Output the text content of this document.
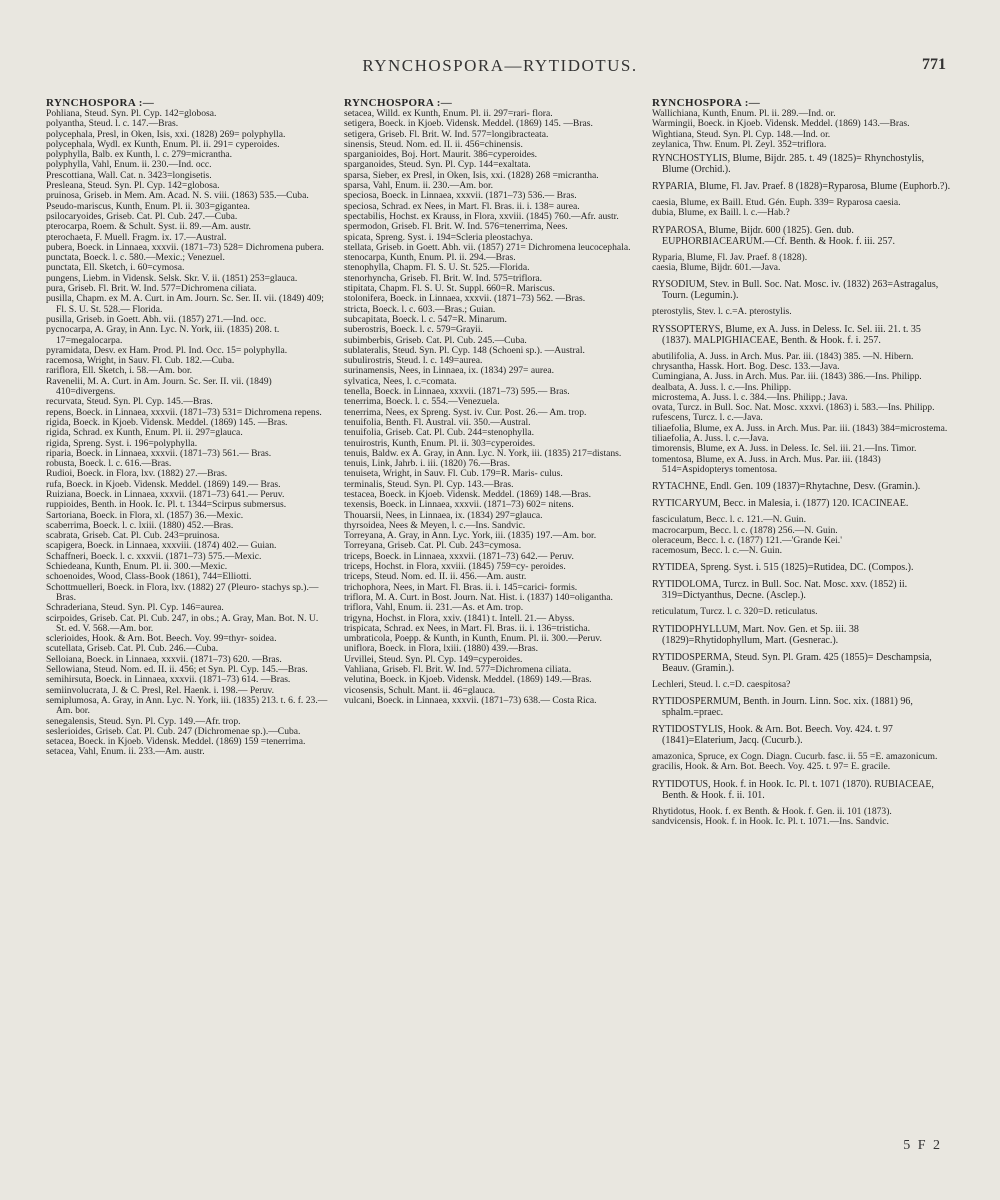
RYNCHOSPORA—RYTIDOTUS.	771

RYNCHOSPORA :—

Pohliana, Steud. Syn. Pl. Cyp. 142=globosa.

polyantha, Steud. l. c. 147.—Bras.

polycephala, Presl, in Oken, Isis, xxi. (1828) 269= polyphylla.

polycephala, Wydl. ex Kunth, Enum. Pl. ii. 291= cyperoides.

polyphylla, Balb. ex Kunth, l. c. 279=micrantha.

polyphylla, Vahl, Enum. ii. 230.—Ind. occ.

Prescottiana, Wall. Cat. n. 3423=longisetis.

Presleana, Steud. Syn. Pl. Cyp. 142=globosa.

pruinosa, Griseb. in Mem. Am. Acad. N. S. viii. (1863) 535.—Cuba.

Pseudo-mariscus, Kunth, Enum. Pl. ii. 303=gigantea.

psilocaryoides, Griseb. Cat. Pl. Cub. 247.—Cuba.

pterocarpa, Roem. & Schult. Syst. ii. 89.—Am. austr.

pterochaeta, F. Muell. Fragm. ix. 17.—Austral.

pubera, Boeck. in Linnaea, xxxvii. (1871–73) 528= Dichromena pubera.

punctata, Boeck. l. c. 580.—Mexic.; Venezuel.

punctata, Ell. Sketch, i. 60=cymosa.

pungens, Liebm. in Vidensk. Selsk. Skr. V. ii. (1851) 253=glauca.

pura, Griseb. Fl. Brit. W. Ind. 577=Dichromena ciliata.

pusilla, Chapm. ex M. A. Curt. in Am. Journ. Sc. Ser. II. vii. (1849) 409; Fl. S. U. St. 528.— Florida.

pusilla, Griseb. in Goett. Abh. vii. (1857) 271.—Ind. occ.

pycnocarpa, A. Gray, in Ann. Lyc. N. York, iii. (1835) 208. t. 17=megalocarpa.

pyramidata, Desv. ex Ham. Prod. Pl. Ind. Occ. 15= polyphylla.

racemosa, Wright, in Sauv. Fl. Cub. 182.—Cuba.

rariflora, Ell. Sketch, i. 58.—Am. bor.

Ravenelii, M. A. Curt. in Am. Journ. Sc. Ser. II. vii. (1849) 410=divergens.

recurvata, Steud. Syn. Pl. Cyp. 145.—Bras.

repens, Boeck. in Linnaea, xxxvii. (1871–73) 531= Dichromena repens.

rigida, Boeck. in Kjoeb. Vidensk. Meddel. (1869) 145. —Bras.

rigida, Schrad. ex Kunth, Enum. Pl. ii. 297=glauca.

rigida, Spreng. Syst. i. 196=polyphylla.

riparia, Boeck. in Linnaea, xxxvii. (1871–73) 561.— Bras.

robusta, Boeck. l. c. 616.—Bras.

Rudioi, Boeck. in Flora, lxv. (1882) 27.—Bras.

rufa, Boeck. in Kjoeb. Vidensk. Meddel. (1869) 149.— Bras.

Ruiziana, Boeck. in Linnaea, xxxvii. (1871–73) 641.— Peruv.

ruppioides, Benth. in Hook. Ic. Pl. t. 1344=Scirpus submersus.

Sartoriana, Boeck. in Flora, xl. (1857) 36.—Mexic.

scaberrima, Boeck. l. c. lxiii. (1880) 452.—Bras.

scabrata, Griseb. Cat. Pl. Cub. 243=pruinosa.

scapigera, Boeck. in Linnaea, xxxviii. (1874) 402.— Guian.

Schaffneri, Boeck. l. c. xxxvii. (1871–73) 575.—Mexic.

Schiedeana, Kunth, Enum. Pl. ii. 300.—Mexic.

schoenoides, Wood, Class-Book (1861), 744=Elliotti.

Schottmuelleri, Boeck. in Flora, lxv. (1882) 27 (Pleuro- stachys sp.).—Bras.

Schraderiana, Steud. Syn. Pl. Cyp. 146=aurea.

scirpoides, Griseb. Cat. Pl. Cub. 247, in obs.; A. Gray, Man. Bot. N. U. St. ed. V. 568.—Am. bor.

sclerioides, Hook. & Arn. Bot. Beech. Voy. 99=thyr- soidea.

scutellata, Griseb. Cat. Pl. Cub. 246.—Cuba.

Selloiana, Boeck. in Linnaea, xxxvii. (1871–73) 620. —Bras.

Sellowiana, Steud. Nom. ed. II. ii. 456; et Syn. Pl. Cyp. 145.—Bras.

semihirsuta, Boeck. in Linnaea, xxxvii. (1871–73) 614. —Bras.

semiinvolucrata, J. & C. Presl, Rel. Haenk. i. 198.— Peruv.

semiplumosa, A. Gray, in Ann. Lyc. N. York, iii. (1835) 213. t. 6. f. 23.—Am. bor.

senegalensis, Steud. Syn. Pl. Cyp. 149.—Afr. trop.

seslerioides, Griseb. Cat. Pl. Cub. 247 (Dichromenae sp.).—Cuba.

setacea, Boeck. in Kjoeb. Vidensk. Meddel. (1869) 159 =tenerrima.

setacea, Vahl, Enum. ii. 233.—Am. austr.

RYNCHOSPORA :—

setacea, Willd. ex Kunth, Enum. Pl. ii. 297=rari- flora.

setigera, Boeck. in Kjoeb. Vidensk. Meddel. (1869) 145. —Bras.

setigera, Griseb. Fl. Brit. W. Ind. 577=longibracteata.

sinensis, Steud. Nom. ed. II. ii. 456=chinensis.

sparganioides, Boj. Hort. Maurit. 386=cyperoides.

sparganoides, Steud. Syn. Pl. Cyp. 144=exaltata.

sparsa, Sieber, ex Presl, in Oken, Isis, xxi. (1828) 268 =micrantha.

sparsa, Vahl, Enum. ii. 230.—Am. bor.

speciosa, Boeck. in Linnaea, xxxvii. (1871–73) 536.— Bras.

speciosa, Schrad. ex Nees, in Mart. Fl. Bras. ii. i. 138= aurea.

spectabilis, Hochst. ex Krauss, in Flora, xxviii. (1845) 760.—Afr. austr.

spermodon, Griseb. Fl. Brit. W. Ind. 576=tenerrima, Nees.

spicata, Spreng. Syst. i. 194=Scleria pleostachya.

stellata, Griseb. in Goett. Abh. vii. (1857) 271= Dichromena leucocephala.

stenocarpa, Kunth, Enum. Pl. ii. 294.—Bras.

stenophylla, Chapm. Fl. S. U. St. 525.—Florida.

stenorhyncha, Griseb. Fl. Brit. W. Ind. 575=triflora.

stipitata, Chapm. Fl. S. U. St. Suppl. 660=R. Mariscus.

stolonifera, Boeck. in Linnaea, xxxvii. (1871–73) 562. —Bras.

stricta, Boeck. l. c. 603.—Bras.; Guian.

subcapitata, Boeck. l. c. 547=R. Minarum.

suberostris, Boeck. l. c. 579=Grayii.

subimberbis, Griseb. Cat. Pl. Cub. 245.—Cuba.

sublateralis, Steud. Syn. Pl. Cyp. 148 (Schoeni sp.). —Austral.

subulirostris, Steud. l. c. 149=aurea.

surinamensis, Nees, in Linnaea, ix. (1834) 297= aurea.

sylvatica, Nees, l. c.=comata.

tenella, Boeck. in Linnaea, xxxvii. (1871–73) 595.— Bras.

tenerrima, Boeck. l. c. 554.—Venezuela.

tenerrima, Nees, ex Spreng. Syst. iv. Cur. Post. 26.— Am. trop.

tenuifolia, Benth. Fl. Austral. vii. 350.—Austral.

tenuifolia, Griseb. Cat. Pl. Cub. 244=stenophylla.

tenuirostris, Kunth, Enum. Pl. ii. 303=cyperoides.

tenuis, Baldw. ex A. Gray, in Ann. Lyc. N. York, iii. (1835) 217=distans.

tenuis, Link, Jahrb. i. iii. (1820) 76.—Bras.

tenuiseta, Wright, in Sauv. Fl. Cub. 179=R. Maris- culus.

terminalis, Steud. Syn. Pl. Cyp. 143.—Bras.

testacea, Boeck. in Kjoeb. Vidensk. Meddel. (1869) 148.—Bras.

texensis, Boeck. in Linnaea, xxxvii. (1871–73) 602= nitens.

Thouarsii, Nees, in Linnaea, ix. (1834) 297=glauca.

thyrsoidea, Nees & Meyen, l. c.—Ins. Sandvic.

Torreyana, A. Gray, in Ann. Lyc. York, iii. (1835) 197.—Am. bor.

Torreyana, Griseb. Cat. Pl. Cub. 243=cymosa.

triceps, Boeck. in Linnaea, xxxvii. (1871–73) 642.— Peruv.

triceps, Hochst. in Flora, xxviii. (1845) 759=cy- peroides.

triceps, Steud. Nom. ed. II. ii. 456.—Am. austr.

trichophora, Nees, in Mart. Fl. Bras. ii. i. 145=carici- formis.

triflora, M. A. Curt. in Bost. Journ. Nat. Hist. i. (1837) 140=oligantha.

triflora, Vahl, Enum. ii. 231.—As. et Am. trop.

trigyna, Hochst. in Flora, xxiv. (1841) t. Intell. 21.— Abyss.

trispicata, Schrad. ex Nees, in Mart. Fl. Bras. ii. i. 136=tristicha.

umbraticola, Poepp. & Kunth, in Kunth, Enum. Pl. ii. 300.—Peruv.

uniflora, Boeck. in Flora, lxiii. (1880) 439.—Bras.

Urvillei, Steud. Syn. Pl. Cyp. 149=cyperoides.

Vahliana, Griseb. Fl. Brit. W. Ind. 577=Dichromena ciliata.

velutina, Boeck. in Kjoeb. Vidensk. Meddel. (1869) 149.—Bras.

vicosensis, Schult. Mant. ii. 46=glauca.

vulcani, Boeck. in Linnaea, xxxvii. (1871–73) 638.— Costa Rica.

RYNCHOSPORA :—

Wallichiana, Kunth, Enum. Pl. ii. 289.—Ind. or.

Warmingii, Boeck. in Kjoeb. Vidensk. Meddel. (1869) 143.—Bras.

Wightiana, Steud. Syn. Pl. Cyp. 148.—Ind. or.

zeylanica, Thw. Enum. Pl. Zeyl. 352=triflora.

RYNCHOSTYLIS, Blume, Bijdr. 285. t. 49 (1825)= Rhynchostylis, Blume (Orchid.).

RYPARIA, Blume, Fl. Jav. Praef. 8 (1828)=Ryparosa, Blume (Euphorb.?).

caesia, Blume, ex Baill. Etud. Gén. Euph. 339= Ryparosa caesia.

dubia, Blume, ex Baill. l. c.—Hab.?

RYPAROSA, Blume, Bijdr. 600 (1825). Gen. dub. EUPHORBIACEARUM.—Cf. Benth. & Hook. f. iii. 257.

Ryparia, Blume, Fl. Jav. Praef. 8 (1828).

caesia, Blume, Bijdr. 601.—Java.

RYSODIUM, Stev. in Bull. Soc. Nat. Mosc. iv. (1832) 263=Astragalus, Tourn. (Legumin.).

pterostylis, Stev. l. c.=A. pterostylis.

RYSSOPTERYS, Blume, ex A. Juss. in Deless. Ic. Sel. iii. 21. t. 35 (1837). MALPIGHIACEAE, Benth. & Hook. f. i. 257.

abutilifolia, A. Juss. in Arch. Mus. Par. iii. (1843) 385. —N. Hibern.

chrysantha, Hassk. Hort. Bog. Desc. 133.—Java.

Cumingiana, A. Juss. in Arch. Mus. Par. iii. (1843) 386.—Ins. Philipp.

dealbata, A. Juss. l. c.—Ins. Philipp.

microstema, A. Juss. l. c. 384.—Ins. Philipp.; Java.

ovata, Turcz. in Bull. Soc. Nat. Mosc. xxxvi. (1863) i. 583.—Ins. Philipp.

rufescens, Turcz. l. c.—Java.

tiliaefolia, Blume, ex A. Juss. in Arch. Mus. Par. iii. (1843) 384=microstema.

tiliaefolia, A. Juss. l. c.—Java.

timorensis, Blume, ex A. Juss. in Deless. Ic. Sel. iii. 21.—Ins. Timor.

tomentosa, Blume, ex A. Juss. in Arch. Mus. Par. iii. (1843) 514=Aspidopterys tomentosa.

RYTACHNE, Endl. Gen. 109 (1837)=Rhytachne, Desv. (Gramin.).

RYTICARYUM, Becc. in Malesia, i. (1877) 120. ICACINEAE.

fasciculatum, Becc. l. c. 121.—N. Guin.

macrocarpum, Becc. l. c. (1878) 256.—N. Guin.

oleraceum, Becc. l. c. (1877) 121.—'Grande Kei.'

racemosum, Becc. l. c.—N. Guin.

RYTIDEA, Spreng. Syst. i. 515 (1825)=Rutidea, DC. (Compos.).

RYTIDOLOMA, Turcz. in Bull. Soc. Nat. Mosc. xxv. (1852) ii. 319=Dictyanthus, Decne. (Asclep.).

reticulatum, Turcz. l. c. 320=D. reticulatus.

RYTIDOPHYLLUM, Mart. Nov. Gen. et Sp. iii. 38 (1829)=Rhytidophyllum, Mart. (Gesnerac.).

RYTIDOSPERMA, Steud. Syn. Pl. Gram. 425 (1855)= Deschampsia, Beauv. (Gramin.).

Lechleri, Steud. l. c.=D. caespitosa?

RYTIDOSPERMUM, Benth. in Journ. Linn. Soc. xix. (1881) 96, sphalm.=praec.

RYTIDOSTYLIS, Hook. & Arn. Bot. Beech. Voy. 424. t. 97 (1841)=Elaterium, Jacq. (Cucurb.).

amazonica, Spruce, ex Cogn. Diagn. Cucurb. fasc. ii. 55 =E. amazonicum.

gracilis, Hook. & Arn. Bot. Beech. Voy. 425. t. 97= E. gracile.

RYTIDOTUS, Hook. f. in Hook. Ic. Pl. t. 1071 (1870). RUBIACEAE, Benth. & Hook. f. ii. 101.

Rhytidotus, Hook. f. ex Benth. & Hook. f. Gen. ii. 101 (1873).

sandvicensis, Hook. f. in Hook. Ic. Pl. t. 1071.—Ins. Sandvic.

5 F 2
